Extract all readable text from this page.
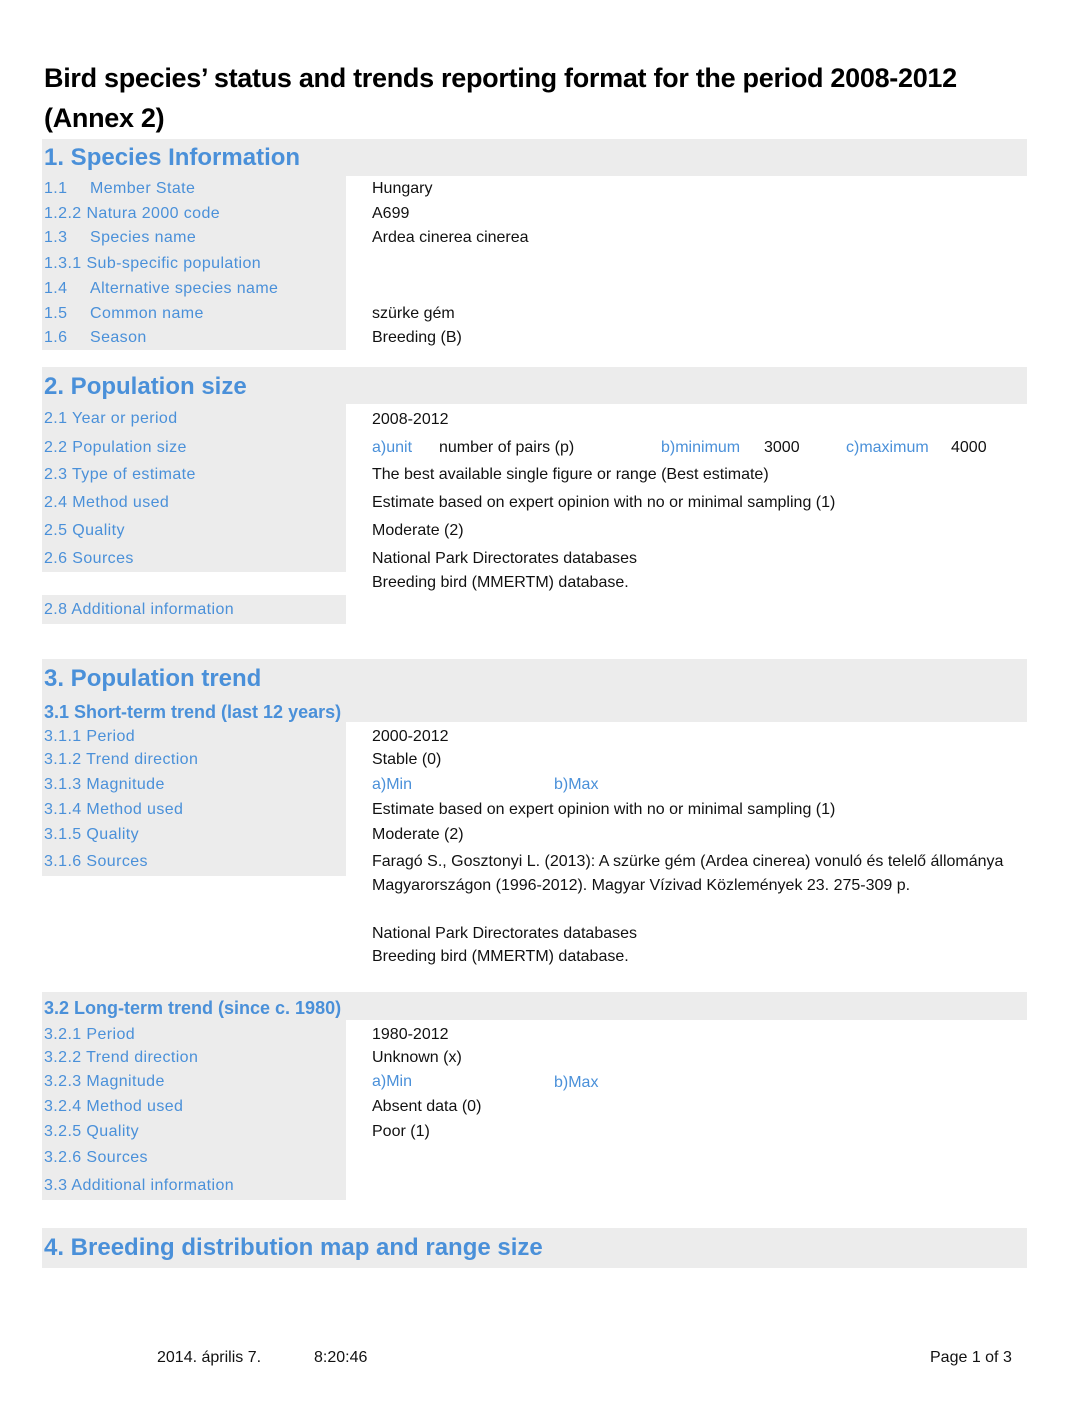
Bird species’ status and trends reporting format for the period 2008-2012 (Annex 2)
1. Species Information
1.1 Member State	Hungary
1.2.2 Natura 2000 code	A699
1.3 Species name	Ardea cinerea cinerea
1.3.1 Sub-specific population
1.4 Alternative species name
1.5 Common name	szürke gém
1.6 Season	Breeding (B)
2. Population size
2.1 Year or period	2008-2012
2.2 Population size	a)unit number of pairs (p)	b)minimum 3000	c)maximum 4000
2.3 Type of estimate	The best available single figure or range (Best estimate)
2.4 Method used	Estimate based on expert opinion with no or minimal sampling (1)
2.5 Quality	Moderate (2)
2.6 Sources	National Park Directorates databases
Breeding bird (MMERTM) database.
2.8 Additional information
3. Population trend
3.1 Short-term trend (last 12 years)
3.1.1 Period	2000-2012
3.1.2 Trend direction	Stable (0)
3.1.3 Magnitude	a)Min	b)Max
3.1.4 Method used	Estimate based on expert opinion with no or minimal sampling (1)
3.1.5 Quality	Moderate (2)
3.1.6 Sources	Faragó S., Gosztonyi L. (2013): A szürke gém (Ardea cinerea) vonuló és telelő állománya Magyarországon (1996-2012). Magyar Vízivad Közlemények 23. 275-309 p.
National Park Directorates databases
Breeding bird (MMERTM) database.
3.2 Long-term trend (since c. 1980)
3.2.1 Period	1980-2012
3.2.2 Trend direction	Unknown (x)
3.2.3 Magnitude	a)Min	b)Max
3.2.4 Method used	Absent data (0)
3.2.5 Quality	Poor (1)
3.2.6 Sources
3.3 Additional information
4. Breeding distribution map and range size
2014. április 7.	8:20:46	Page 1 of 3
